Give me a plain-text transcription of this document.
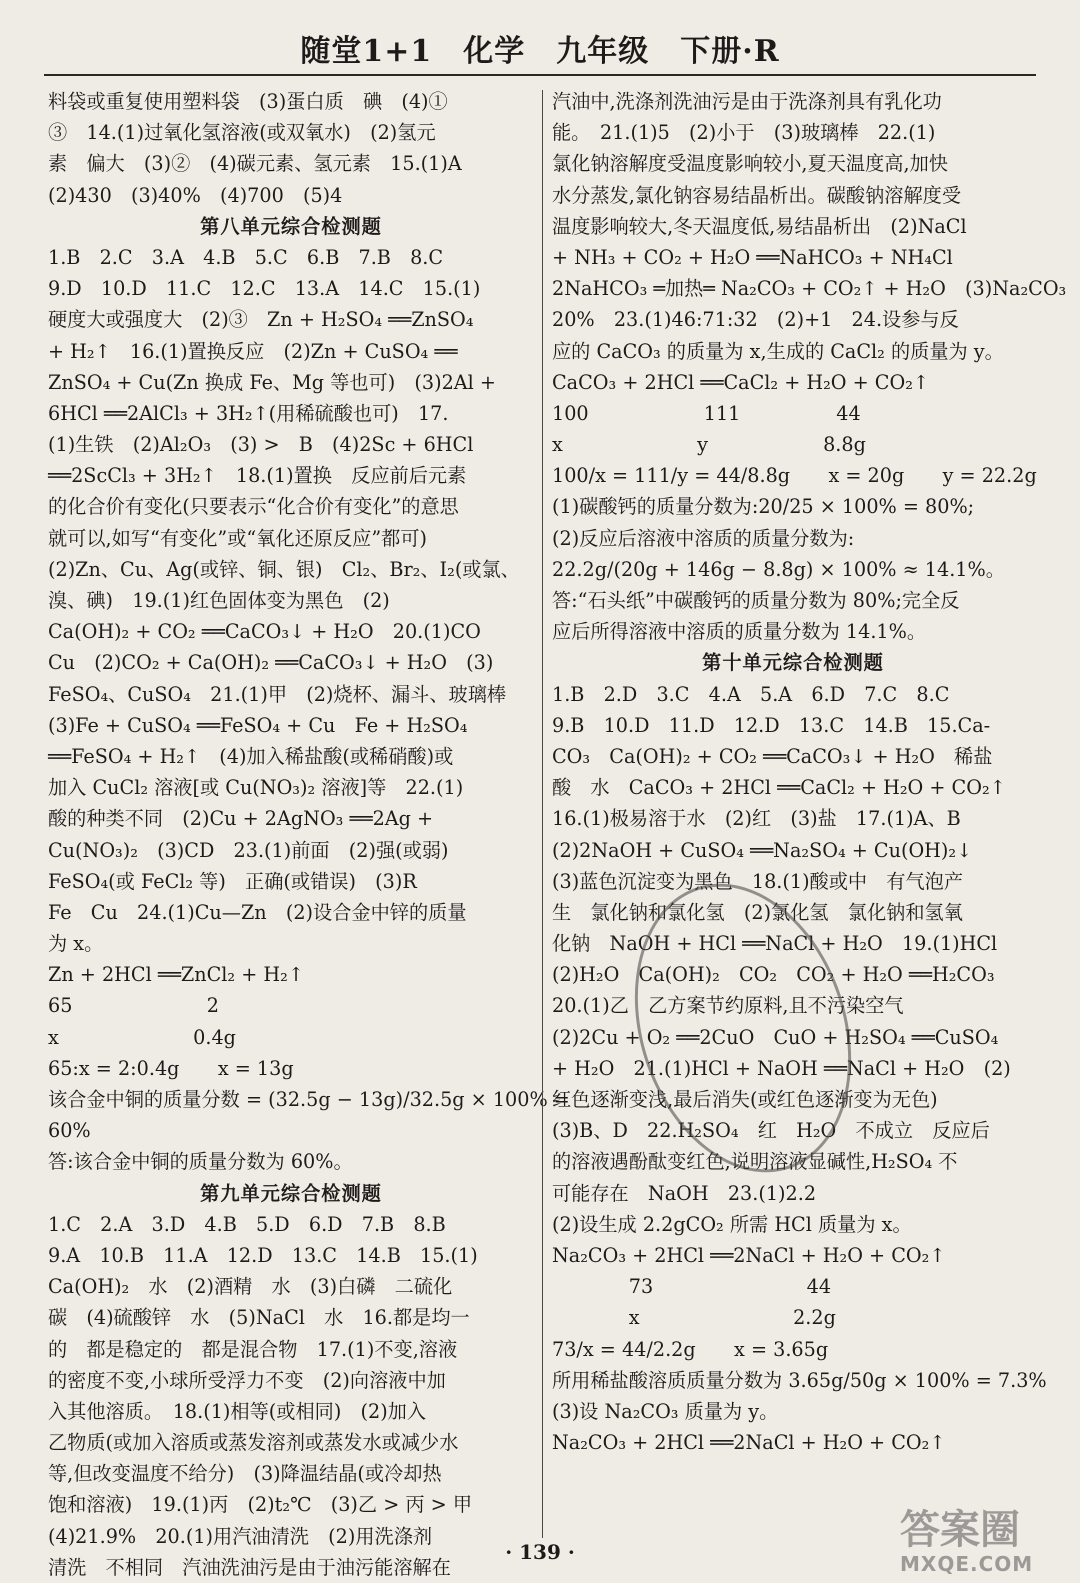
随堂1+1　化学　九年级　下册·R
料袋或重复使用塑料袋　(3)蛋白质　碘　(4)①
③　14.(1)过氧化氢溶液(或双氧水)　(2)氢元
素　偏大　(3)②　(4)碳元素、氢元素　15.(1)A
(2)430　(3)40%　(4)700　(5)4
第八单元综合检测题
1.B　2.C　3.A　4.B　5.C　6.B　7.B　8.C
9.D　10.D　11.C　12.C　13.A　14.C　15.(1)
硬度大或强度大　(2)③　Zn + H₂SO₄ ══ZnSO₄
+ H₂↑　16.(1)置换反应　(2)Zn + CuSO₄ ══
ZnSO₄ + Cu(Zn 换成 Fe、Mg 等也可)　(3)2Al +
6HCl ══2AlCl₃ + 3H₂↑(用稀硫酸也可)　17.
(1)生铁　(2)Al₂O₃　(3) >　B　(4)2Sc + 6HCl
══2ScCl₃ + 3H₂↑　18.(1)置换　反应前后元素
的化合价有变化(只要表示“化合价有变化”的意思
就可以,如写“有变化”或“氧化还原反应”都可)
(2)Zn、Cu、Ag(或锌、铜、银)　Cl₂、Br₂、I₂(或氯、
溴、碘)　19.(1)红色固体变为黑色　(2)
Ca(OH)₂ + CO₂ ══CaCO₃↓ + H₂O　20.(1)CO
Cu　(2)CO₂ + Ca(OH)₂ ══CaCO₃↓ + H₂O　(3)
FeSO₄、CuSO₄　21.(1)甲　(2)烧杯、漏斗、玻璃棒
(3)Fe + CuSO₄ ══FeSO₄ + Cu　Fe + H₂SO₄
══FeSO₄ + H₂↑　(4)加入稀盐酸(或稀硝酸)或
加入 CuCl₂ 溶液[或 Cu(NO₃)₂ 溶液]等　22.(1)
酸的种类不同　(2)Cu + 2AgNO₃ ══2Ag +
Cu(NO₃)₂　(3)CD　23.(1)前面　(2)强(或弱)
FeSO₄(或 FeCl₂ 等)　正确(或错误)　(3)R
Fe　Cu　24.(1)Cu—Zn　(2)设合金中锌的质量
为 x。
Zn + 2HCl ══ZnCl₂ + H₂↑
65　　　　　　　2
x　　　　　　　0.4g
65:x = 2:0.4g　　x = 13g
该合金中铜的质量分数 = (32.5g − 13g)/32.5g × 100% =
60%
答:该合金中铜的质量分数为 60%。
第九单元综合检测题
1.C　2.A　3.D　4.B　5.D　6.D　7.B　8.B
9.A　10.B　11.A　12.D　13.C　14.B　15.(1)
Ca(OH)₂　水　(2)酒精　水　(3)白磷　二硫化
碳　(4)硫酸锌　水　(5)NaCl　水　16.都是均一
的　都是稳定的　都是混合物　17.(1)不变,溶液
的密度不变,小球所受浮力不变　(2)向溶液中加
入其他溶质。　18.(1)相等(或相同)　(2)加入
乙物质(或加入溶质或蒸发溶剂或蒸发水或减少水
等,但改变温度不给分)　(3)降温结晶(或冷却热
饱和溶液)　19.(1)丙　(2)t₂℃　(3)乙 > 丙 > 甲
(4)21.9%　20.(1)用汽油清洗　(2)用洗涤剂
清洗　不相同　汽油洗油污是由于油污能溶解在
汽油中,洗涤剂洗油污是由于洗涤剂具有乳化功
能。　21.(1)5　(2)小于　(3)玻璃棒　22.(1)
氯化钠溶解度受温度影响较小,夏天温度高,加快
水分蒸发,氯化钠容易结晶析出。碳酸钠溶解度受
温度影响较大,冬天温度低,易结晶析出　(2)NaCl
+ NH₃ + CO₂ + H₂O ══NaHCO₃ + NH₄Cl
2NaHCO₃ ═加热═ Na₂CO₃ + CO₂↑ + H₂O　(3)Na₂CO₃
20%　23.(1)46:71:32　(2)+1　24.设参与反
应的 CaCO₃ 的质量为 x,生成的 CaCl₂ 的质量为 y。
CaCO₃ + 2HCl ══CaCl₂ + H₂O + CO₂↑
100　　　　　　111　　　　　44
x　　　　　　　y　　　　　　8.8g
100/x = 111/y = 44/8.8g　　x = 20g　　y = 22.2g
(1)碳酸钙的质量分数为:20/25 × 100% = 80%;
(2)反应后溶液中溶质的质量分数为:
22.2g/(20g + 146g − 8.8g) × 100% ≈ 14.1%。
答:“石头纸”中碳酸钙的质量分数为 80%;完全反
应后所得溶液中溶质的质量分数为 14.1%。
第十单元综合检测题
1.B　2.D　3.C　4.A　5.A　6.D　7.C　8.C
9.B　10.D　11.D　12.D　13.C　14.B　15.Ca-
CO₃　Ca(OH)₂ + CO₂ ══CaCO₃↓ + H₂O　稀盐
酸　水　CaCO₃ + 2HCl ══CaCl₂ + H₂O + CO₂↑
16.(1)极易溶于水　(2)红　(3)盐　17.(1)A、B
(2)2NaOH + CuSO₄ ══Na₂SO₄ + Cu(OH)₂↓
(3)蓝色沉淀变为黑色　18.(1)酸或中　有气泡产
生　氯化钠和氯化氢　(2)氯化氢　氯化钠和氢氧
化钠　NaOH + HCl ══NaCl + H₂O　19.(1)HCl
(2)H₂O　Ca(OH)₂　CO₂　CO₂ + H₂O ══H₂CO₃
20.(1)乙　乙方案节约原料,且不污染空气
(2)2Cu + O₂ ══2CuO　CuO + H₂SO₄ ══CuSO₄
+ H₂O　21.(1)HCl + NaOH ══NaCl + H₂O　(2)
红色逐渐变浅,最后消失(或红色逐渐变为无色)
(3)B、D　22.H₂SO₄　红　H₂O　不成立　反应后
的溶液遇酚酞变红色,说明溶液显碱性,H₂SO₄ 不
可能存在　NaOH　23.(1)2.2
(2)设生成 2.2gCO₂ 所需 HCl 质量为 x。
Na₂CO₃ + 2HCl ══2NaCl + H₂O + CO₂↑
　　　　73　　　　　　　　44
　　　　x　　　　　　　　2.2g
73/x = 44/2.2g　　x = 3.65g
所用稀盐酸溶质质量分数为 3.65g/50g × 100% = 7.3%
(3)设 Na₂CO₃ 质量为 y。
Na₂CO₃ + 2HCl ══2NaCl + H₂O + CO₂↑
· 139 ·	答案圈
MXQE.COM
